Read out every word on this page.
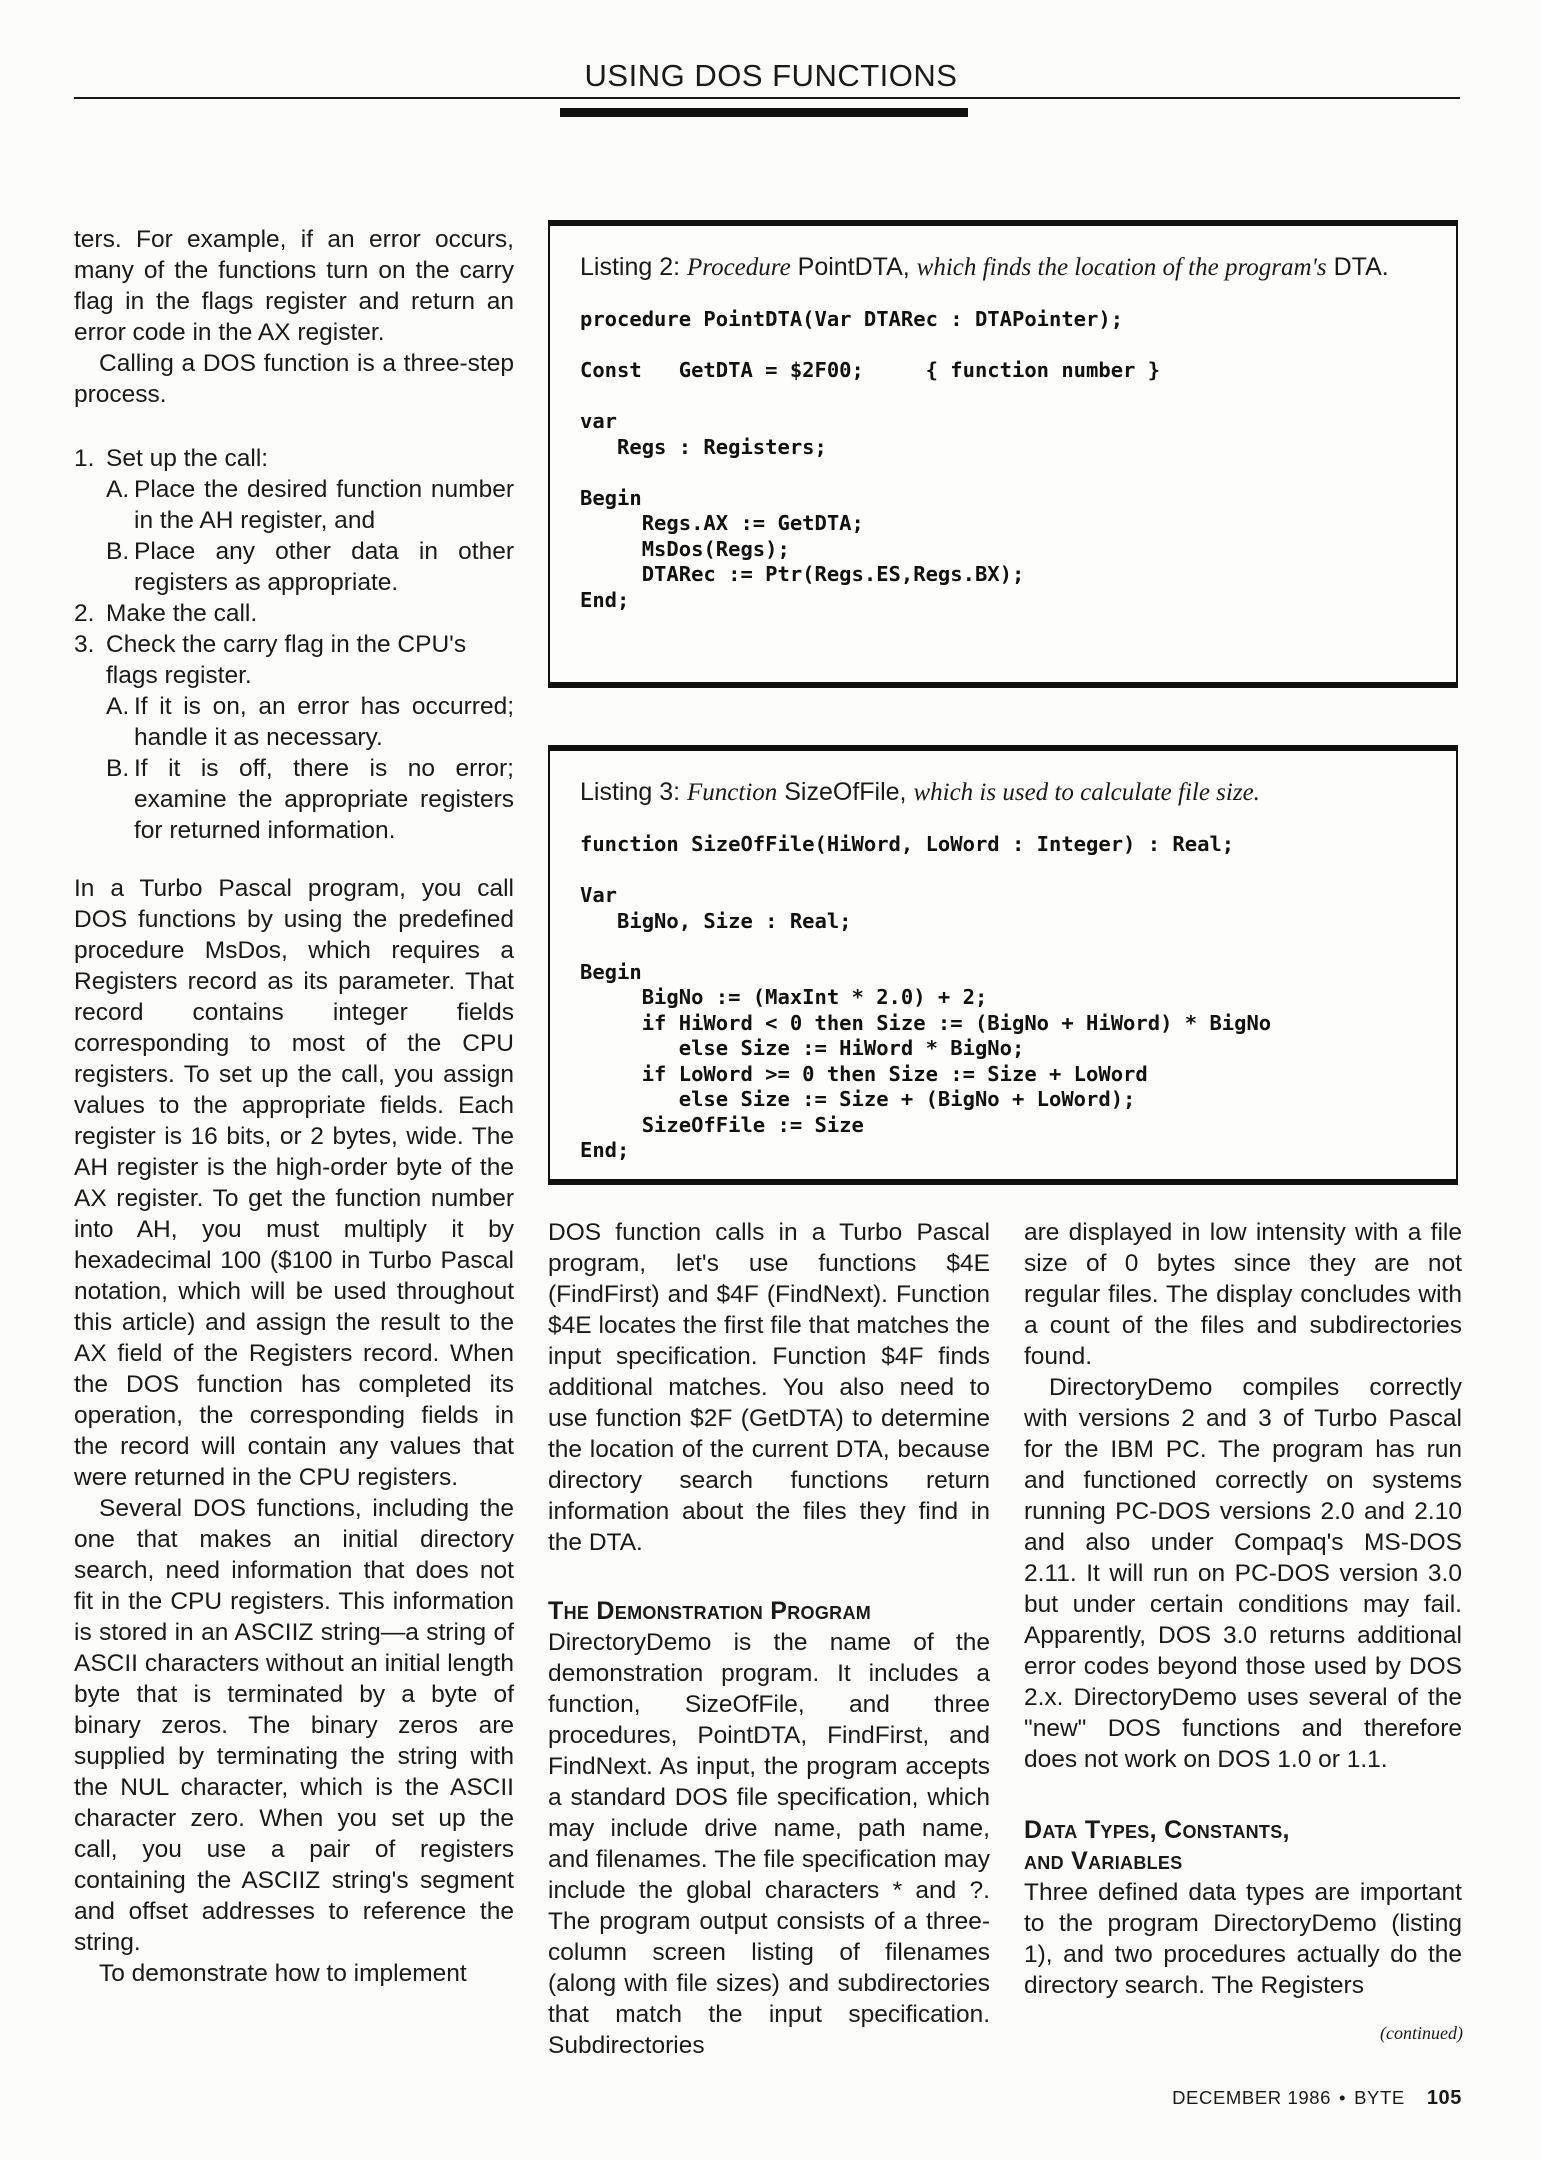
USING DOS FUNCTIONS

ters. For example, if an error occurs, many of the functions turn on the carry flag in the flags register and return an error code in the AX register.

Calling a DOS function is a three-step process.

1. Set up the call:
A. Place the desired function number in the AH register, and
B. Place any other data in other registers as appropriate.
2. Make the call.
3. Check the carry flag in the CPU's flags register.
A. If it is on, an error has occurred; handle it as necessary.
B. If it is off, there is no error; examine the appropriate registers for returned information.

In a Turbo Pascal program, you call DOS functions by using the predefined procedure MsDos, which requires a Registers record as its parameter. That record contains integer fields corresponding to most of the CPU registers. To set up the call, you assign values to the appropriate fields. Each register is 16 bits, or 2 bytes, wide. The AH register is the high-order byte of the AX register. To get the function number into AH, you must multiply it by hexadecimal 100 ($100 in Turbo Pascal notation, which will be used throughout this article) and assign the result to the AX field of the Registers record. When the DOS function has completed its operation, the corresponding fields in the record will contain any values that were returned in the CPU registers.

Several DOS functions, including the one that makes an initial directory search, need information that does not fit in the CPU registers. This information is stored in an ASCIIZ string—a string of ASCII characters without an initial length byte that is terminated by a byte of binary zeros. The binary zeros are supplied by terminating the string with the NUL character, which is the ASCII character zero. When you set up the call, you use a pair of registers containing the ASCIIZ string's segment and offset addresses to reference the string.

To demonstrate how to implement

Listing 2: Procedure PointDTA, which finds the location of the program's DTA.

procedure PointDTA(Var DTARec : DTAPointer);

Const   GetDTA = $2F00;     { function number }

var
Regs : Registers;

Begin
Regs.AX := GetDTA;
MsDos(Regs);
DTARec := Ptr(Regs.ES,Regs.BX);
End;

Listing 3: Function SizeOfFile, which is used to calculate file size.

function SizeOfFile(HiWord, LoWord : Integer) : Real;

Var
BigNo, Size : Real;

Begin
BigNo := (MaxInt * 2.0) + 2;
if HiWord < 0 then Size := (BigNo + HiWord) * BigNo
else Size := HiWord * BigNo;
if LoWord >= 0 then Size := Size + LoWord
else Size := Size + (BigNo + LoWord);
SizeOfFile := Size
End;

DOS function calls in a Turbo Pascal program, let's use functions $4E (FindFirst) and $4F (FindNext). Function $4E locates the first file that matches the input specification. Function $4F finds additional matches. You also need to use function $2F (GetDTA) to determine the location of the current DTA, because directory search functions return information about the files they find in the DTA.

The Demonstration Program

DirectoryDemo is the name of the demonstration program. It includes a function, SizeOfFile, and three procedures, PointDTA, FindFirst, and FindNext. As input, the program accepts a standard DOS file specification, which may include drive name, path name, and filenames. The file specification may include the global characters * and ?. The program output consists of a three-column screen listing of filenames (along with file sizes) and subdirectories that match the input specification. Subdirectories

are displayed in low intensity with a file size of 0 bytes since they are not regular files. The display concludes with a count of the files and subdirectories found.

DirectoryDemo compiles correctly with versions 2 and 3 of Turbo Pascal for the IBM PC. The program has run and functioned correctly on systems running PC-DOS versions 2.0 and 2.10 and also under Compaq's MS-DOS 2.11. It will run on PC-DOS version 3.0 but under certain conditions may fail. Apparently, DOS 3.0 returns additional error codes beyond those used by DOS 2.x. DirectoryDemo uses several of the "new" DOS functions and therefore does not work on DOS 1.0 or 1.1.

Data Types, Constants,
and Variables

Three defined data types are important to the program DirectoryDemo (listing 1), and two procedures actually do the directory search. The Registers

(continued)
DECEMBER 1986 • BYTE 105
